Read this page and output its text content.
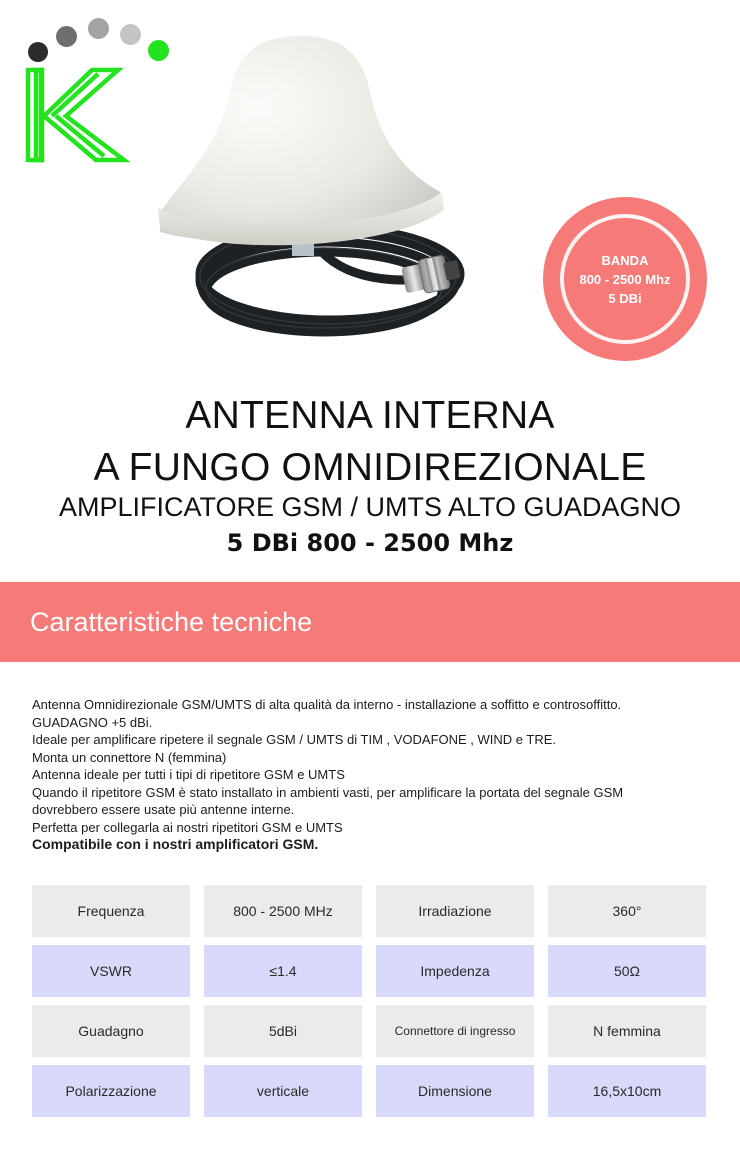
BANDA
800 - 2500 Mhz
5 DBi
ANTENNA INTERNA
A FUNGO OMNIDIREZIONALE
AMPLIFICATORE GSM / UMTS ALTO GUADAGNO
5 DBi 800 - 2500 Mhz
Caratteristiche tecniche

Antenna Omnidirezionale GSM/UMTS di alta qualità da interno - installazione a soffitto e controsoffitto.

GUADAGNO +5 dBi.

Ideale per amplificare ripetere il segnale GSM / UMTS di TIM , VODAFONE , WIND e TRE.

Monta un connettore N (femmina)

Antenna ideale per tutti i tipi di ripetitore GSM e UMTS

Quando il ripetitore GSM è stato installato in ambienti vasti, per amplificare la portata del segnale GSM

dovrebbero essere usate più antenne interne.

Perfetta per collegarla ai nostri ripetitori GSM e UMTS

Compatibile con i nostri amplificatori GSM.

Frequenza	800 - 2500 MHz	Irradiazione	360°
VSWR	≤1.4	Impedenza	50Ω
Guadagno	5dBi	Connettore di ingresso	N femmina
Polarizzazione	verticale	Dimensione	16,5x10cm
